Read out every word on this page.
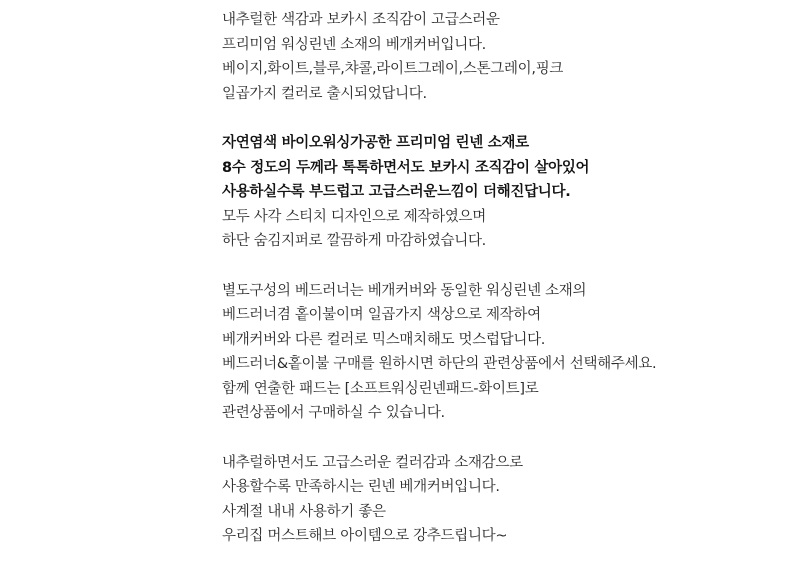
내추럴한 색감과 보카시 조직감이 고급스러운
프리미엄 워싱린넨 소재의 베개커버입니다.
베이지,화이트,블루,챠콜,라이트그레이,스톤그레이,핑크
일곱가지 컬러로 출시되었답니다.
자연염색 바이오워싱가공한 프리미엄 린넨 소재로
8수 정도의 두께라 톡톡하면서도 보카시 조직감이 살아있어
사용하실수록 부드럽고 고급스러운느낌이 더해진답니다.
모두 사각 스티치 디자인으로 제작하였으며
하단 숨김지퍼로 깔끔하게 마감하였습니다.
별도구성의 베드러너는 베개커버와 동일한 워싱린넨 소재의
베드러너겸 홑이불이며 일곱가지 색상으로 제작하여
베개커버와 다른 컬러로 믹스매치해도 멋스럽답니다.
베드러너&홑이불 구매를 원하시면 하단의 관련상품에서 선택해주세요.
함께 연출한 패드는 [소프트워싱린넨패드-화이트]로
관련상품에서 구매하실 수 있습니다.
내추럴하면서도 고급스러운 컬러감과 소재감으로
사용할수록 만족하시는 린넨 베개커버입니다.
사계절 내내 사용하기 좋은
우리집 머스트해브 아이템으로 강추드립니다~
